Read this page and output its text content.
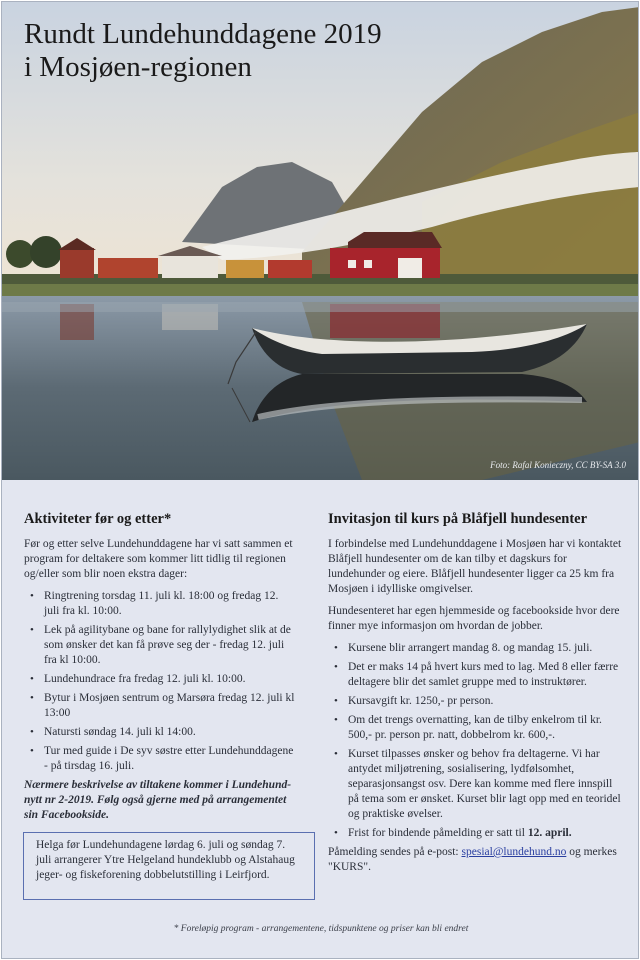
Rundt Lundehunddagene 2019
i Mosjøen-regionen
Foto: Rafal Konieczny, CC BY-SA 3.0
Aktiviteter før og etter*

Før og etter selve Lundehunddagene har vi satt sammen et program for deltakere som kommer litt tidlig til regionen og/eller som blir noen ekstra dager:

• Ringtrening torsdag 11. juli kl. 18:00 og fredag 12. juli fra kl. 10:00.
• Lek på agilitybane og bane for rallylydighet slik at de som ønsker det kan få prøve seg der - fredag 12. juli fra kl 10:00.
• Lundehundrace fra fredag 12. juli kl. 10:00.
• Bytur i Mosjøen sentrum og Marsøra fredag 12. juli kl 13:00
• Natursti søndag 14. juli kl 14:00.
• Tur med guide i De syv søstre etter Lundehunddagene - på tirsdag 16. juli.
Nærmere beskrivelse av tiltakene kommer i Lundehund-nytt nr 2-2019. Følg også gjerne med på arrangementet sin Facebookside.
Helga før Lundehundagene lørdag 6. juli og søndag 7. juli arrangerer Ytre Helgeland hundeklubb og Alstahaug jeger- og fiskeforening dobbelutstilling i Leirfjord.
Invitasjon til kurs på Blåfjell hundesenter

I forbindelse med Lundehunddagene i Mosjøen har vi kontaktet Blåfjell hundesenter om de kan tilby et dagskurs for lundehunder og eiere. Blåfjell hundesenter ligger ca 25 km fra Mosjøen i idylliske omgivelser.

Hundesenteret har egen hjemmeside og facebookside hvor dere finner mye informasjon om hvordan de jobber.

• Kursene blir arrangert mandag 8. og mandag 15. juli.
• Det er maks 14 på hvert kurs med to lag. Med 8 eller færre deltagere blir det samlet gruppe med to instruktører.
• Kursavgift kr. 1250,- pr person.
• Om det trengs overnatting, kan de tilby enkelrom til kr. 500,- pr. person pr. natt, dobbelrom kr. 600,-.
• Kurset tilpasses ønsker og behov fra deltagerne. Vi har antydet miljøtrening, sosialisering, lydfølsomhet, separasjonsangst osv. Dere kan komme med flere innspill på tema som er ønsket. Kurset blir lagt opp med en teoridel og praktiske øvelser.
• Frist for bindende påmelding er satt til 12. april.

Påmelding sendes på e-post: spesial@lundehund.no og merkes "KURS".

* Foreløpig program - arrangementene, tidspunktene og priser kan bli endret
